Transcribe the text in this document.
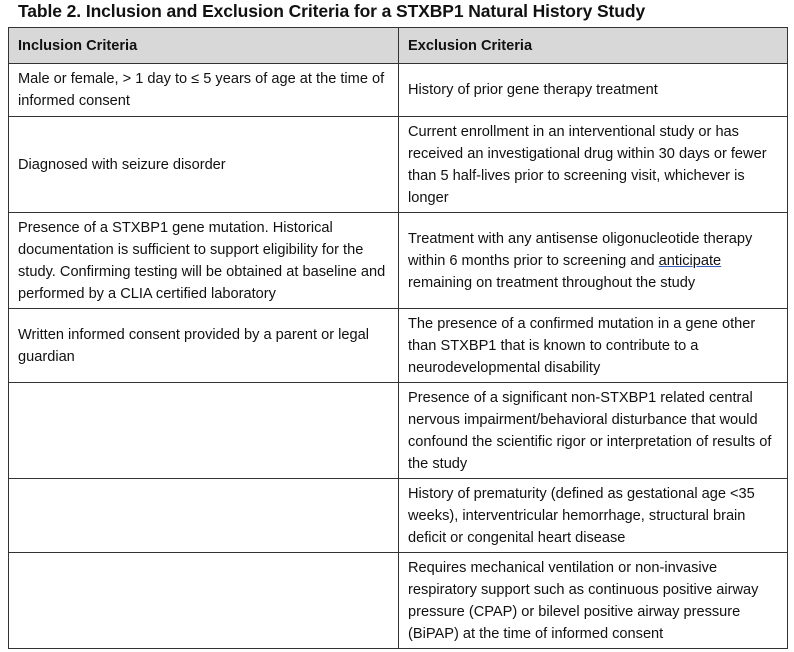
Table 2. Inclusion and Exclusion Criteria for a STXBP1 Natural History Study
Inclusion Criteria	Exclusion Criteria
Male or female, > 1 day to ≤ 5 years of age at the time of informed consent	History of prior gene therapy treatment
Diagnosed with seizure disorder	Current enrollment in an interventional study or has received an investigational drug within 30 days or fewer than 5 half-lives prior to screening visit, whichever is longer
Presence of a STXBP1 gene mutation. Historical documentation is sufficient to support eligibility for the study. Confirming testing will be obtained at baseline and performed by a CLIA certified laboratory	Treatment with any antisense oligonucleotide therapy within 6 months prior to screening and anticipate remaining on treatment throughout the study
Written informed consent provided by a parent or legal guardian	The presence of a confirmed mutation in a gene other than STXBP1 that is known to contribute to a neurodevelopmental disability
	Presence of a significant non-STXBP1 related central nervous impairment/behavioral disturbance that would confound the scientific rigor or interpretation of results of the study
	History of prematurity (defined as gestational age <35 weeks), interventricular hemorrhage, structural brain deficit or congenital heart disease
	Requires mechanical ventilation or non-invasive respiratory support such as continuous positive airway pressure (CPAP) or bilevel positive airway pressure (BiPAP) at the time of informed consent
